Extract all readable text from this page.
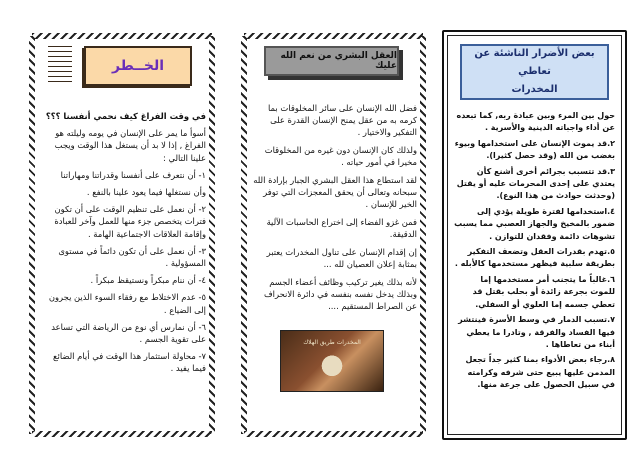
بعض الأضرار الناشئة عن تعاطي
المخدرات

حول بين المرء وبين عبادة ربه, كما تبعده عن أداء واجباته الدينية والأسرية .

٢.قد يموت الإنسان على استخدامها وبيوء بغضب من الله (وقد حصل كثيرا).

٣.قد تتسبب بجرائم أخرى أشنع كأن يعتدي على إحدى المحرمات عليه أو يقتل (وحدثت حوادث من هذا النوع).

٤.استخدامها لفترة طويلة يؤدي إلى ضمور بالمخيخ والجهاز العصبي مما يسبب تشوهات دائمة وفقدان للتوازن .

٥.تهدم بقدرات العقل وتضعف التفكير بطريقة سلبية فيظهر مستخدمها كالأبله .

٦.غالباً ما يتجنب أمر مستخدمها إما للموت بجرعة زائدة أو بحلب بقتل قد تعطي جسمه إما العلوي أو السفلي.

٧.تسبب الدمار في وسط الأسرة فينتشر فيها الفساد والفرقة , وتادرا ما يعطي أبناء من تعاطاها .

٨.رجاء بعض الأدواء بمنا كثير جداً تجعل المدمن عليها يبيع حتى شرفه وكرامته في سبيل الحصول على جرعة منها.

العقل البشري من نعم الله عليك

فضل الله الإنسان على سائر المخلوقات بما كرمه به من عقل يمنح الإنسان القدرة على التفكير والاختيار .

ولذلك كان الإنسان دون غيره من المخلوقات مخيرا في أمور حياته .

لقد استطاع هذا العقل البشري الجبار بإرادة الله سبحانه وتعالى أن يحقق المعجزات التي توفر الخير للإنسان .

فمن غزو الفضاء إلى اختراع الحاسبات الآلية الدقيقة.

إن إقدام الإنسان على تناول المخدرات يعتبر بمثابة إعلان العصيان لله ...

لأنه بذلك يغير تركيب وظائف أعضاء الجسم وبذلك يدخل نفسه بنفسه في دائرة الانحراف عن الصراط المستقيم ....

المخدرات طريق الهلاك
الخــطر

في وقت الفراغ كيف نحمي أنفسنا ؟؟؟

أسوأ ما يمر على الإنسان في يومه وليلته هو الفراغ , إذا لا بد أن يستغل هذا الوقت ويجب علينا التالي :

١- أن نتعرف على أنفسنا وقدراتنا ومهاراتنا

وأن نستغلها فيما يعود علينا بالنفع .

٢- أن نعمل على تنظيم الوقت على أن تكون فترات يتخصص جزء منها للعمل وآخر للعبادة وإقامة العلاقات الاجتماعية الهامة .

٣- أن نعمل على أن تكون دائماً في مستوى المسؤولية .

٤- أن ننام مبكراً ونستيقظ مبكراً .

٥- عدم الاختلاط مع رفقاء السوء الذين يجرون إلى الضياع .

٦- أن نمارس أي نوع من الرياضة التي تساعد على تقوية الجسم .

٧- محاولة استثمار هذا الوقت في أيام الضائع فيما يفيد .
